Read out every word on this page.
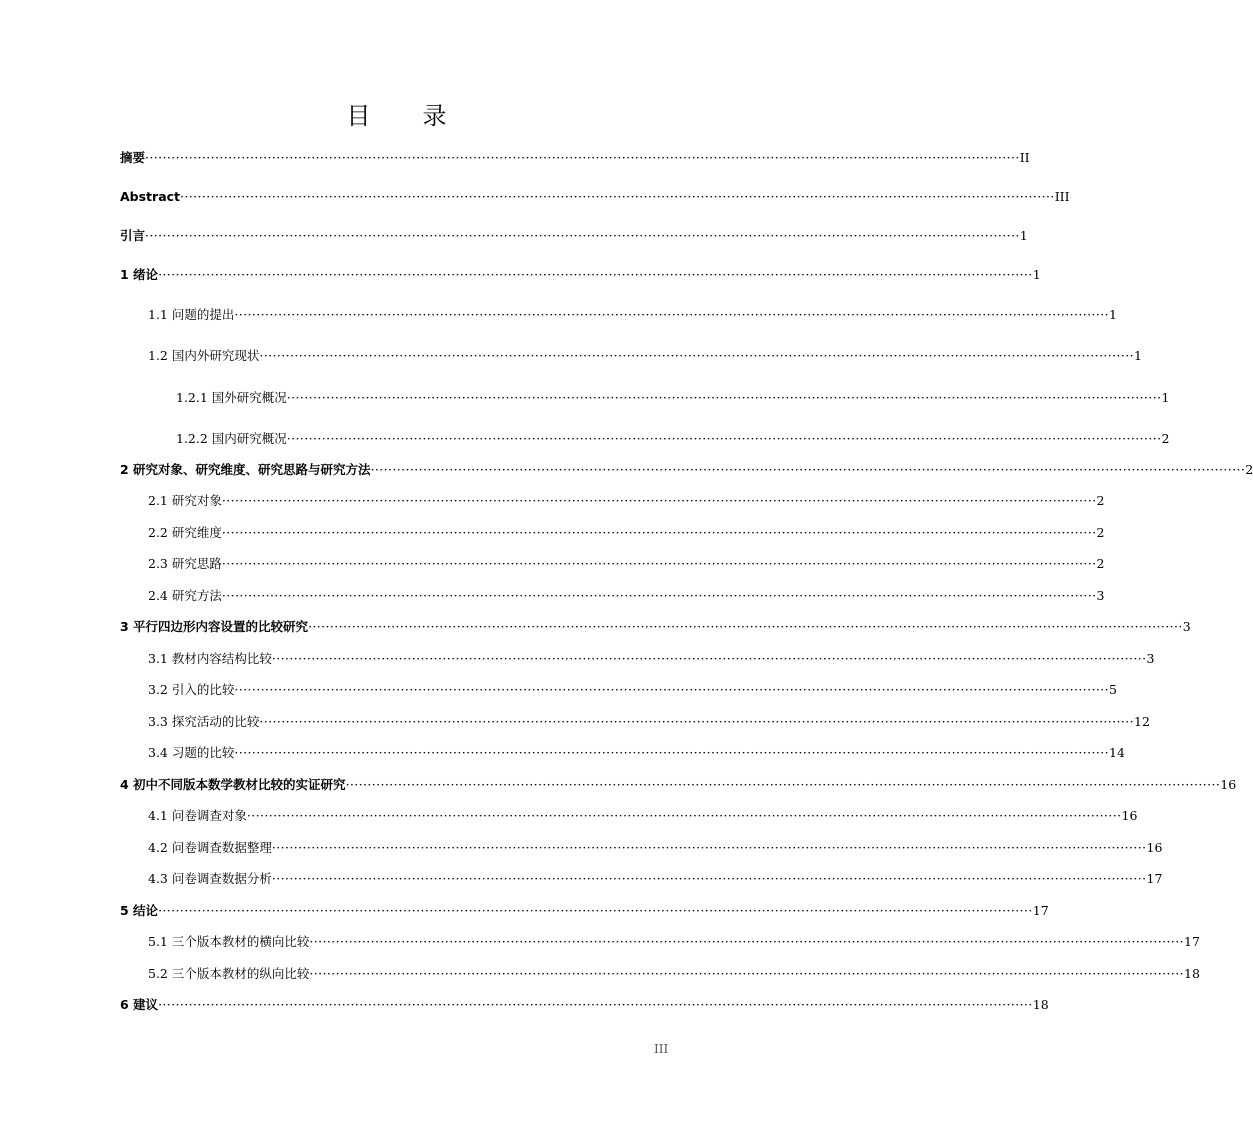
目 录
摘要 ········································································································································································································ II
Abstract ········································································································································································································ III
引言 ········································································································································································································ 1
1 绪论 ········································································································································································································ 1
1.1 问题的提出 ········································································································································································································ 1
1.2 国内外研究现状 ········································································································································································································ 1
1.2.1 国外研究概况 ········································································································································································································ 1
1.2.2 国内研究概况 ········································································································································································································ 2
2 研究对象、研究维度、研究思路与研究方法 ········································································································································································································ 2
2.1 研究对象 ········································································································································································································ 2
2.2 研究维度 ········································································································································································································ 2
2.3 研究思路 ········································································································································································································ 2
2.4 研究方法 ········································································································································································································ 3
3 平行四边形内容设置的比较研究 ········································································································································································································ 3
3.1 教材内容结构比较 ········································································································································································································ 3
3.2 引入的比较 ········································································································································································································ 5
3.3 探究活动的比较 ········································································································································································································ 12
3.4 习题的比较 ········································································································································································································ 14
4 初中不同版本数学教材比较的实证研究 ········································································································································································································ 16
4.1 问卷调查对象 ········································································································································································································ 16
4.2 问卷调查数据整理 ········································································································································································································ 16
4.3 问卷调查数据分析 ········································································································································································································ 17
5 结论 ········································································································································································································ 17
5.1 三个版本教材的横向比较 ········································································································································································································ 17
5.2 三个版本教材的纵向比较 ········································································································································································································ 18
6 建议 ········································································································································································································ 18
III
